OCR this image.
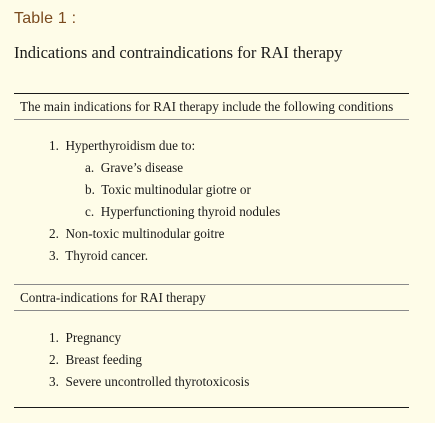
Table 1 :
Indications and contraindications for RAI therapy
The main indications for RAI therapy include the following conditions
1.  Hyperthyroidism due to:
a.  Grave’s disease
b.  Toxic multinodular giotre or
c.  Hyperfunctioning thyroid nodules
2.  Non-toxic multinodular goitre
3.  Thyroid cancer.
Contra-indications for RAI therapy
1.  Pregnancy
2.  Breast feeding
3.  Severe uncontrolled thyrotoxicosis
